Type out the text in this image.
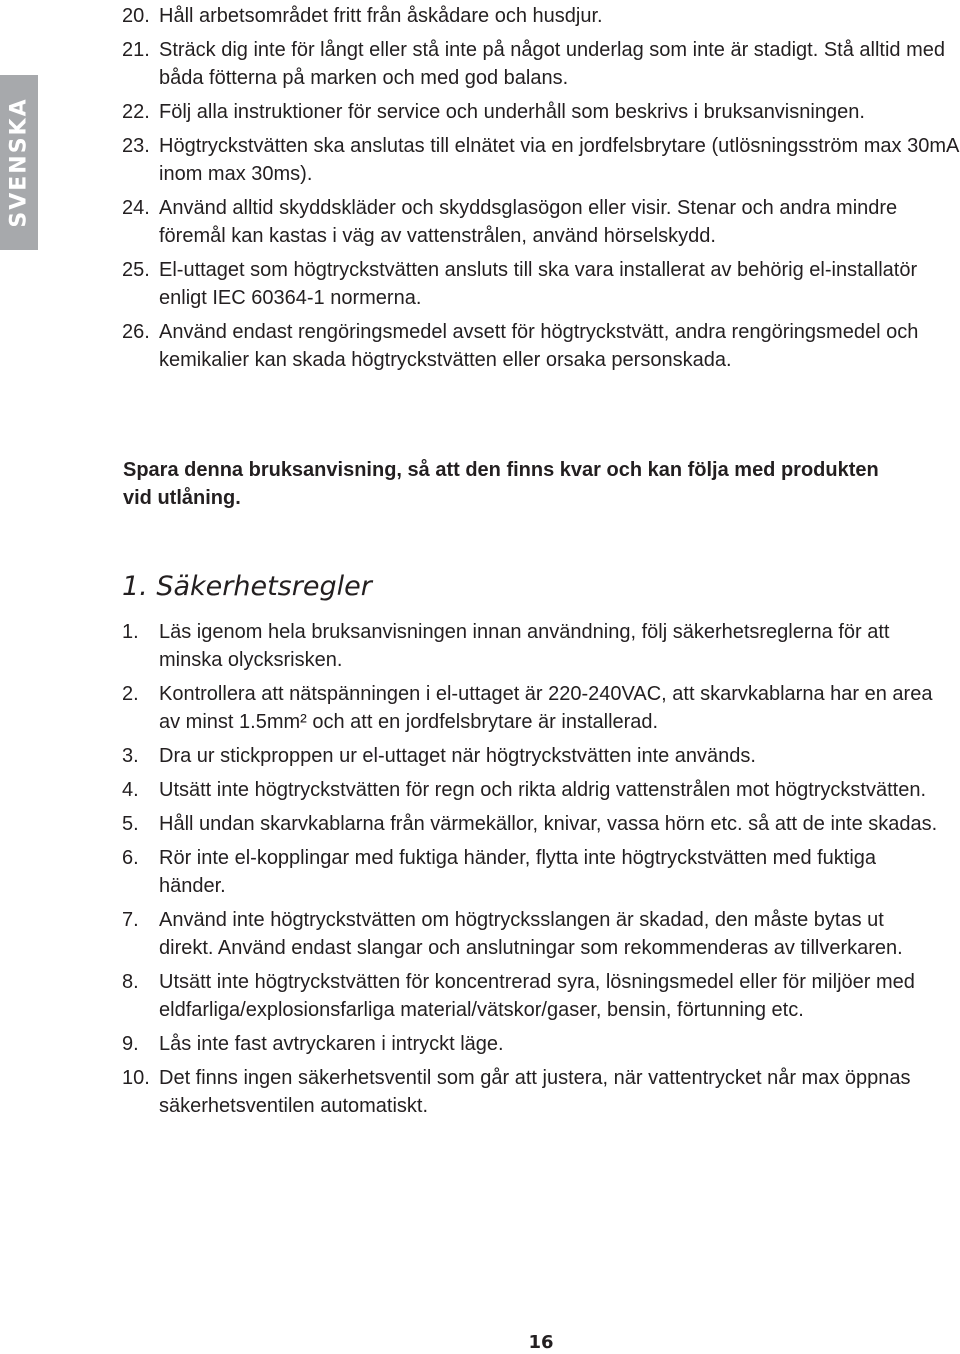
SVENSKA
20. Håll arbetsområdet fritt från åskådare och husdjur.
21. Sträck dig inte för långt eller stå inte på något underlag som inte är stadigt. Stå alltid med båda fötterna på marken och med god balans.
22. Följ alla instruktioner för service och underhåll som beskrivs i bruksanvisningen.
23. Högtryckstvätten ska anslutas till elnätet via en jordfelsbrytare (utlösningsström max 30mA inom max 30ms).
24. Använd alltid skyddskläder och skyddsglasögon eller visir. Stenar och andra mindre föremål kan kastas i väg av vattenstrålen, använd hörselskydd.
25. El-uttaget som högtryckstvätten ansluts till ska vara installerat av behörig el-installatör enligt IEC 60364-1 normerna.
26. Använd endast rengöringsmedel avsett för högtryckstvätt, andra rengöringsmedel och kemikalier kan skada högtryckstvätten eller orsaka personskada.

Spara denna bruksanvisning, så att den finns kvar och kan följa med produkten vid utlåning.

1. Säkerhetsregler
1. Läs igenom hela bruksanvisningen innan användning, följ säkerhetsreglerna för att minska olycksrisken.
2. Kontrollera att nätspänningen i el-uttaget är 220-240VAC, att skarvkablarna har en area av minst 1.5mm² och att en jordfelsbrytare är installerad.
3. Dra ur stickproppen ur el-uttaget när högtryckstvätten inte används.
4. Utsätt inte högtryckstvätten för regn och rikta aldrig vattenstrålen mot högtryckstvätten.
5. Håll undan skarvkablarna från värmekällor, knivar, vassa hörn etc. så att de inte skadas.
6. Rör inte el-kopplingar med fuktiga händer, flytta inte högtryckstvätten med fuktiga händer.
7. Använd inte högtryckstvätten om högtrycksslangen är skadad, den måste bytas ut direkt. Använd endast slangar och anslutningar som rekommenderas av tillverkaren.
8. Utsätt inte högtryckstvätten för koncentrerad syra, lösningsmedel eller för miljöer med eldfarliga/explosionsfarliga material/vätskor/gaser, bensin, förtunning etc.
9. Lås inte fast avtryckaren i intryckt läge.
10. Det finns ingen säkerhetsventil som går att justera, när vattentrycket når max öppnas säkerhetsventilen automatiskt.
16
